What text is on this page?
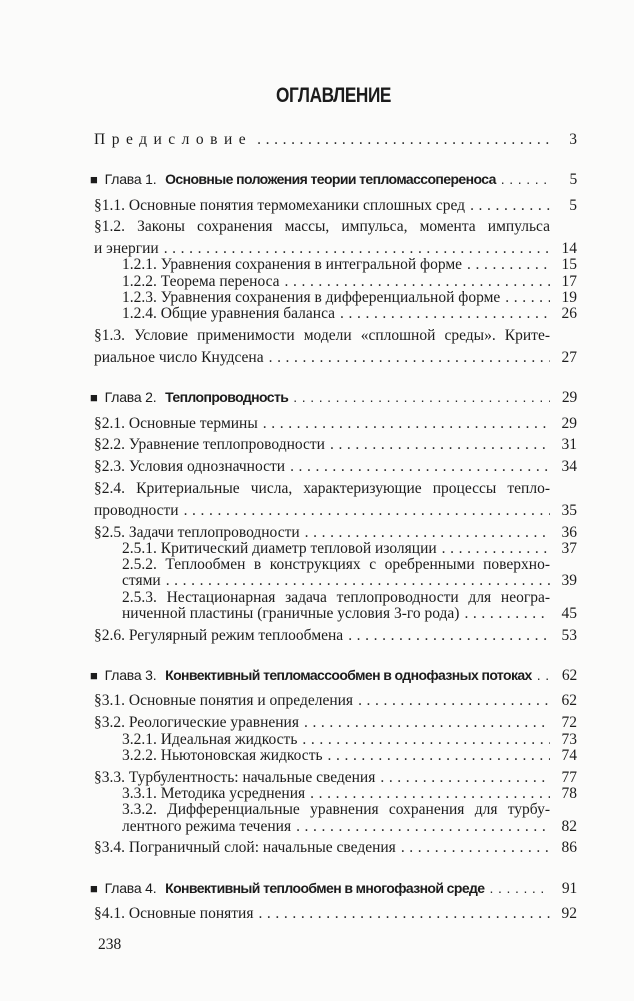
ОГЛАВЛЕНИЕ
Предисловие .....	3
■ Глава 1. Основные положения теории тепломассопереноса .....	5
§1.1. Основные понятия термомеханики сплошных сред .....	5
§1.2. Законы сохранения массы, импульса, момента импульса
и энергии .....	14
1.2.1. Уравнения сохранения в интегральной форме .....	15
1.2.2. Теорема переноса .....	17
1.2.3. Уравнения сохранения в дифференциальной форме .....	19
1.2.4. Общие уравнения баланса .....	26
§1.3. Условие применимости модели «сплошной среды». Крите-
риальное число Кнудсена .....	27
■ Глава 2. Теплопроводность .....	29
§2.1. Основные термины .....	29
§2.2. Уравнение теплопроводности .....	31
§2.3. Условия однозначности .....	34
§2.4. Критериальные числа, характеризующие процессы тепло-
проводности .....	35
§2.5. Задачи теплопроводности .....	36
2.5.1. Критический диаметр тепловой изоляции .....	37
2.5.2. Теплообмен в конструкциях с оребренными поверхно-
стями .....	39
2.5.3. Нестационарная задача теплопроводности для неогра-
ниченной пластины (граничные условия 3-го рода) .....	45
§2.6. Регулярный режим теплообмена .....	53
■ Глава 3. Конвективный тепломассообмен в однофазных потоках .....	62
§3.1. Основные понятия и определения .....	62
§3.2. Реологические уравнения .....	72
3.2.1. Идеальная жидкость .....	73
3.2.2. Ньютоновская жидкость .....	74
§3.3. Турбулентность: начальные сведения .....	77
3.3.1. Методика усреднения .....	78
3.3.2. Дифференциальные уравнения сохранения для турбу-
лентного режима течения .....	82
§3.4. Пограничный слой: начальные сведения .....	86
■ Глава 4. Конвективный теплообмен в многофазной среде .....	91
§4.1. Основные понятия .....	92
238
